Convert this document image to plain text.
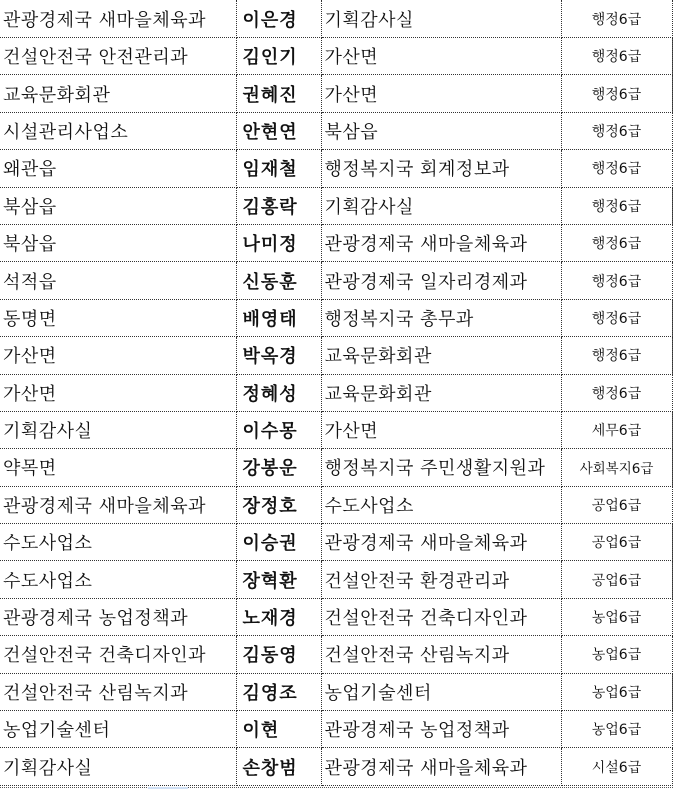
관광경제국 새마을체육과	이은경	기획감사실	행정6급
건설안전국 안전관리과	김인기	가산면	행정6급
교육문화회관	권혜진	가산면	행정6급
시설관리사업소	안현연	북삼읍	행정6급
왜관읍	임재철	행정복지국 회계정보과	행정6급
북삼읍	김홍락	기획감사실	행정6급
북삼읍	나미정	관광경제국 새마을체육과	행정6급
석적읍	신동훈	관광경제국 일자리경제과	행정6급
동명면	배영태	행정복지국 총무과	행정6급
가산면	박옥경	교육문화회관	행정6급
가산면	정혜성	교육문화회관	행정6급
기획감사실	이수몽	가산면	세무6급
약목면	강봉운	행정복지국 주민생활지원과	사회복지6급
관광경제국 새마을체육과	장정호	수도사업소	공업6급
수도사업소	이승권	관광경제국 새마을체육과	공업6급
수도사업소	장혁환	건설안전국 환경관리과	공업6급
관광경제국 농업정책과	노재경	건설안전국 건축디자인과	농업6급
건설안전국 건축디자인과	김동영	건설안전국 산림녹지과	농업6급
건설안전국 산림녹지과	김영조	농업기술센터	농업6급
농업기술센터	이현	관광경제국 농업정책과	농업6급
기획감사실	손창범	관광경제국 새마을체육과	시설6급
